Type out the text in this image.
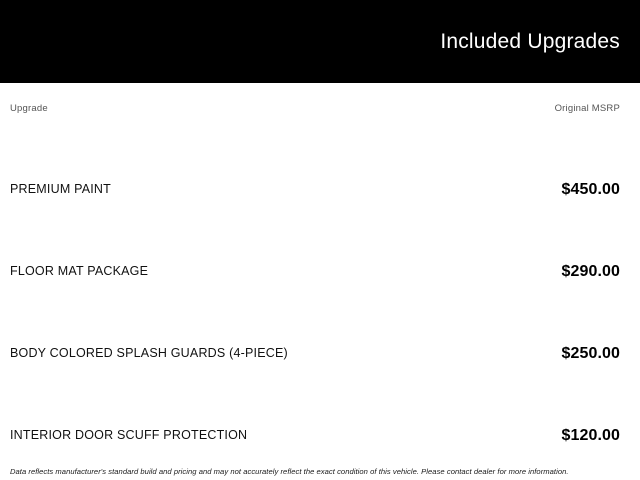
Included Upgrades
Upgrade	Original MSRP
PREMIUM PAINT	$450.00
FLOOR MAT PACKAGE	$290.00
BODY COLORED SPLASH GUARDS (4-PIECE)	$250.00
INTERIOR DOOR SCUFF PROTECTION	$120.00
Data reflects manufacturer's standard build and pricing and may not accurately reflect the exact condition of this vehicle. Please contact dealer for more information.
